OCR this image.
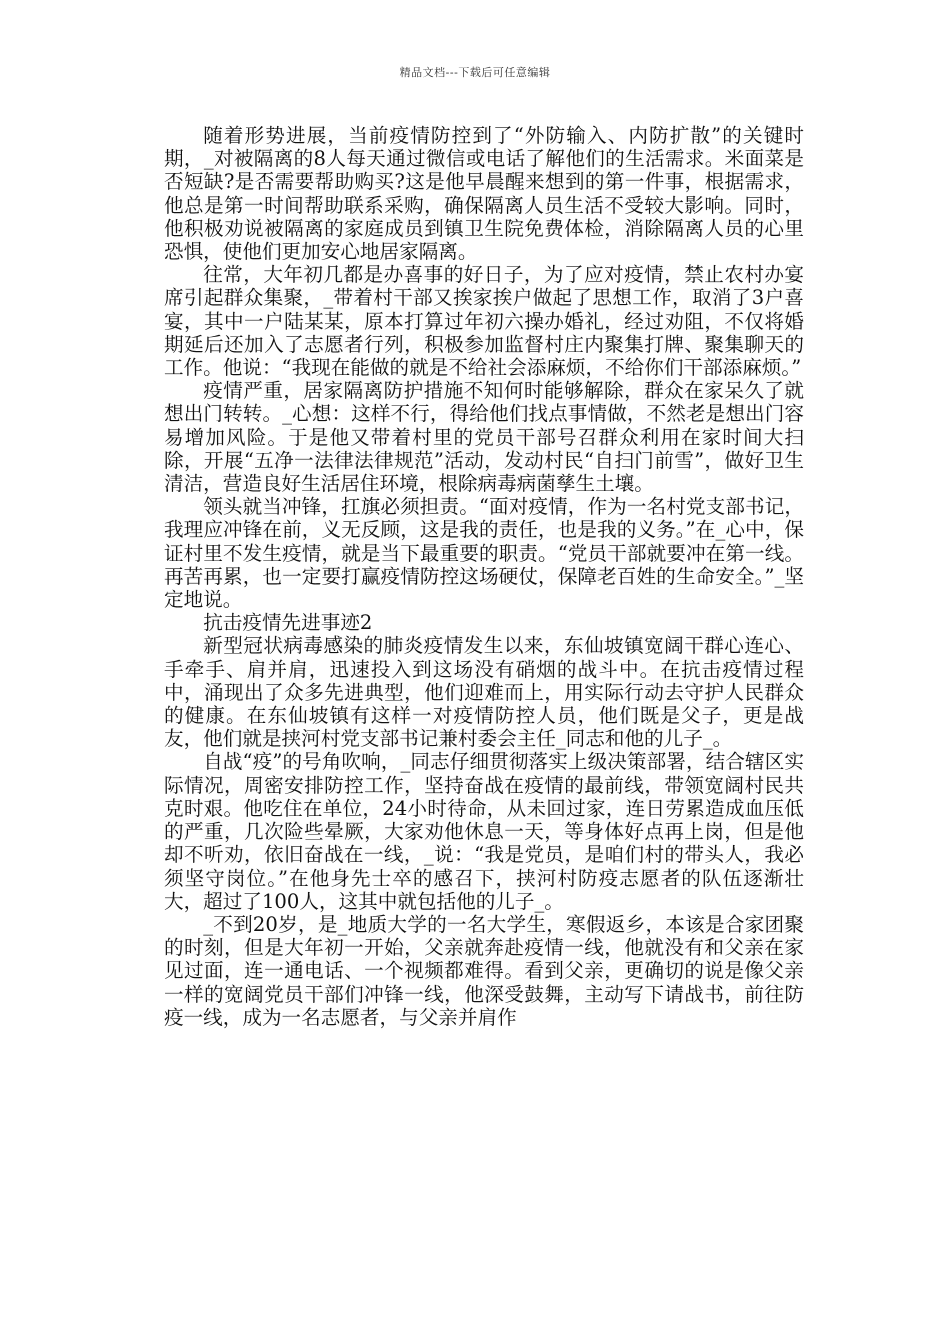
精品文档---下载后可任意编辑

随着形势进展，当前疫情防控到了“外防输入、内防扩散”的关键时期，_对被隔离的8人每天通过微信或电话了解他们的生活需求。米面菜是否短缺?是否需要帮助购买?这是他早晨醒来想到的第一件事，根据需求，他总是第一时间帮助联系采购，确保隔离人员生活不受较大影响。同时，他积极劝说被隔离的家庭成员到镇卫生院免费体检，消除隔离人员的心里恐惧，使他们更加安心地居家隔离。

往常，大年初几都是办喜事的好日子，为了应对疫情，禁止农村办宴席引起群众集聚，_带着村干部又挨家挨户做起了思想工作，取消了3户喜宴，其中一户陆某某，原本打算过年初六操办婚礼，经过劝阻，不仅将婚期延后还加入了志愿者行列，积极参加监督村庄内聚集打牌、聚集聊天的工作。他说：“我现在能做的就是不给社会添麻烦，不给你们干部添麻烦。”

疫情严重，居家隔离防护措施不知何时能够解除，群众在家呆久了就想出门转转。_心想：这样不行，得给他们找点事情做，不然老是想出门容易增加风险。于是他又带着村里的党员干部号召群众利用在家时间大扫除，开展“五净一法律法律规范”活动，发动村民“自扫门前雪”，做好卫生清洁，营造良好生活居住环境，根除病毒病菌孳生土壤。

领头就当冲锋，扛旗必须担责。“面对疫情，作为一名村党支部书记，我理应冲锋在前，义无反顾，这是我的责任，也是我的义务。”在_心中，保证村里不发生疫情，就是当下最重要的职责。“党员干部就要冲在第一线。再苦再累，也一定要打赢疫情防控这场硬仗，保障老百姓的生命安全。”_坚定地说。

抗击疫情先进事迹2

新型冠状病毒感染的肺炎疫情发生以来，东仙坡镇宽阔干群心连心、手牵手、肩并肩，迅速投入到这场没有硝烟的战斗中。在抗击疫情过程中，涌现出了众多先进典型，他们迎难而上，用实际行动去守护人民群众的健康。在东仙坡镇有这样一对疫情防控人员，他们既是父子，更是战友，他们就是挟河村党支部书记兼村委会主任_同志和他的儿子_。

自战“疫”的号角吹响，_同志仔细贯彻落实上级决策部署，结合辖区实际情况，周密安排防控工作，坚持奋战在疫情的最前线，带领宽阔村民共克时艰。他吃住在单位，24小时待命，从未回过家，连日劳累造成血压低的严重，几次险些晕厥，大家劝他休息一天，等身体好点再上岗，但是他却不听劝，依旧奋战在一线，_说：“我是党员，是咱们村的带头人，我必须坚守岗位。”在他身先士卒的感召下，挟河村防疫志愿者的队伍逐渐壮大，超过了100人，这其中就包括他的儿子_。

_不到20岁，是_地质大学的一名大学生，寒假返乡，本该是合家团聚的时刻，但是大年初一开始，父亲就奔赴疫情一线，他就没有和父亲在家见过面，连一通电话、一个视频都难得。看到父亲，更确切的说是像父亲一样的宽阔党员干部们冲锋一线，他深受鼓舞，主动写下请战书，前往防疫一线，成为一名志愿者，与父亲并肩作
